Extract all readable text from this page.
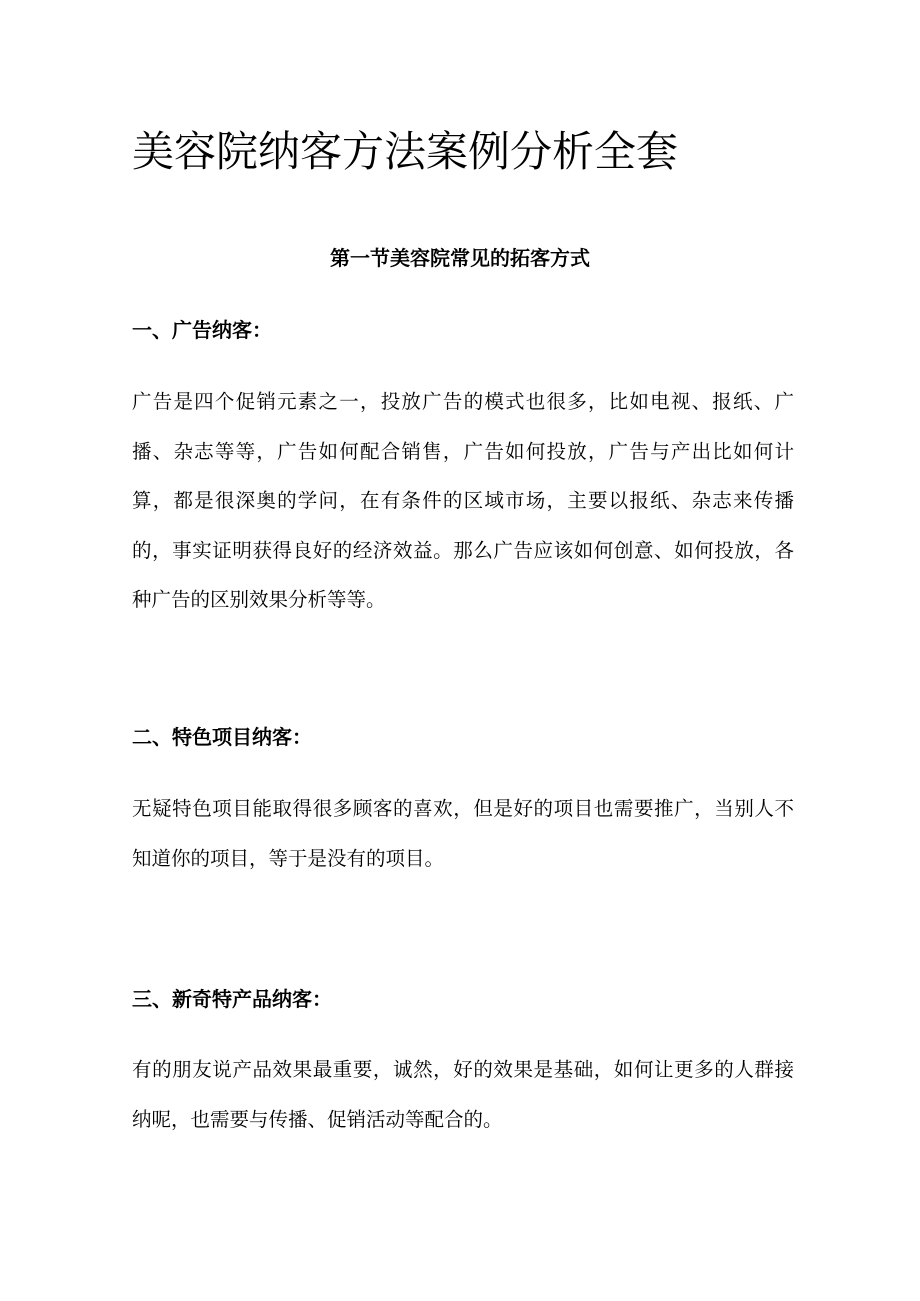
美容院纳客方法案例分析全套
第一节美容院常见的拓客方式
一、广告纳客：

广告是四个促销元素之一，投放广告的模式也很多，比如电视、报纸、广播、杂志等等，广告如何配合销售，广告如何投放，广告与产出比如何计算，都是很深奥的学问，在有条件的区域市场，主要以报纸、杂志来传播的，事实证明获得良好的经济效益。那么广告应该如何创意、如何投放，各种广告的区别效果分析等等。

二、特色项目纳客：

无疑特色项目能取得很多顾客的喜欢，但是好的项目也需要推广，当别人不知道你的项目，等于是没有的项目。

三、新奇特产品纳客：

有的朋友说产品效果最重要，诚然，好的效果是基础，如何让更多的人群接纳呢，也需要与传播、促销活动等配合的。
